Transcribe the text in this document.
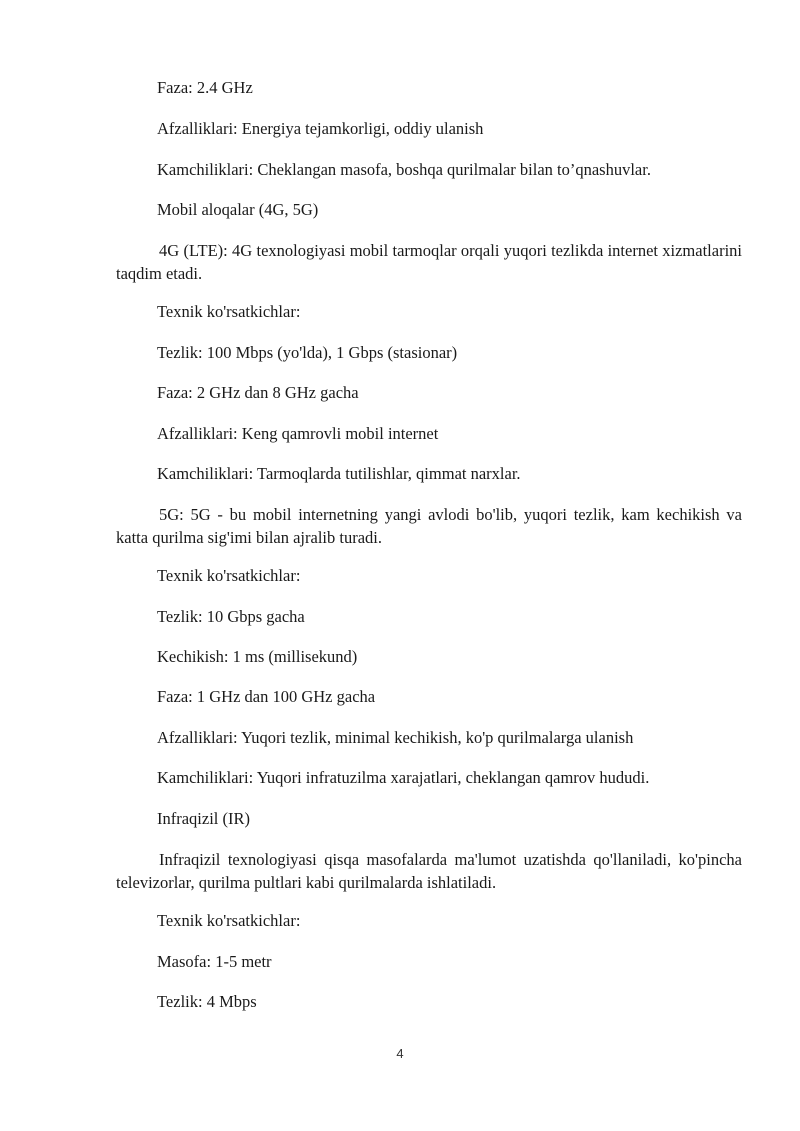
Faza: 2.4 GHz
Afzalliklari: Energiya tejamkorligi, oddiy ulanish
Kamchiliklari: Cheklangan masofa, boshqa qurilmalar bilan to’qnashuvlar.
Mobil aloqalar (4G, 5G)
4G (LTE): 4G texnologiyasi mobil tarmoqlar orqali yuqori tezlikda internet xizmatlarini taqdim etadi.
Texnik ko'rsatkichlar:
Tezlik: 100 Mbps (yo'lda), 1 Gbps (stasionar)
Faza: 2 GHz dan 8 GHz gacha
Afzalliklari: Keng qamrovli mobil internet
Kamchiliklari: Tarmoqlarda tutilishlar, qimmat narxlar.
5G: 5G - bu mobil internetning yangi avlodi bo'lib, yuqori tezlik, kam kechikish va katta qurilma sig'imi bilan ajralib turadi.
Texnik ko'rsatkichlar:
Tezlik: 10 Gbps gacha
Kechikish: 1 ms (millisekund)
Faza: 1 GHz dan 100 GHz gacha
Afzalliklari: Yuqori tezlik, minimal kechikish, ko'p qurilmalarga ulanish
Kamchiliklari: Yuqori infratuzilma xarajatlari, cheklangan qamrov hududi.
Infraqizil (IR)
Infraqizil texnologiyasi qisqa masofalarda ma'lumot uzatishda qo'llaniladi, ko'pincha televizorlar, qurilma pultlari kabi qurilmalarda ishlatiladi.
Texnik ko'rsatkichlar:
Masofa: 1-5 metr
Tezlik: 4 Mbps
4
